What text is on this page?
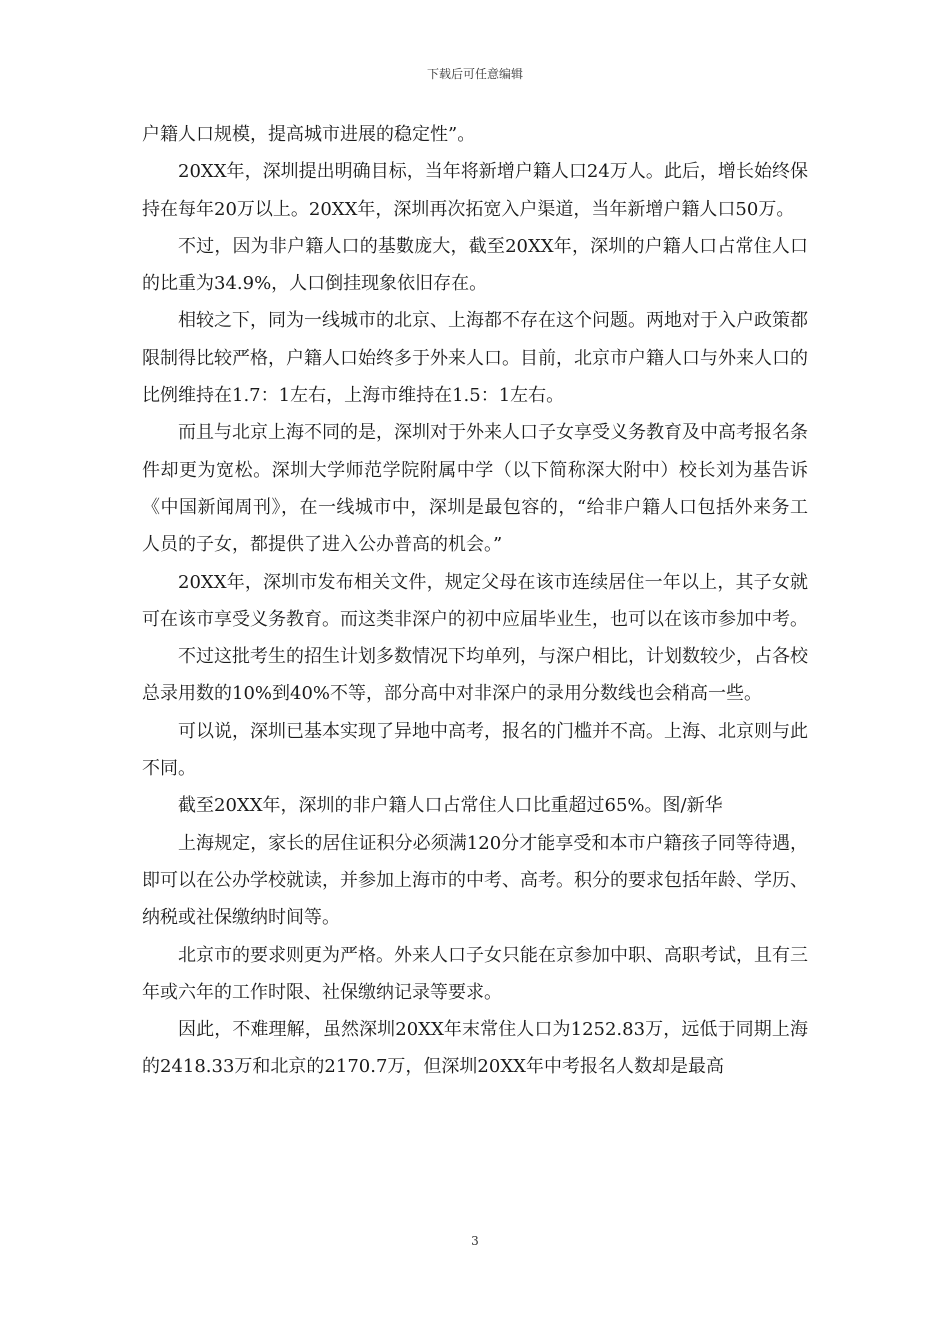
下载后可任意编辑

户籍人口规模，提高城市进展的稳定性”。

20XX年，深圳提出明确目标，当年将新增户籍人口24万人。此后，增长始终保持在每年20万以上。20XX年，深圳再次拓宽入户渠道，当年新增户籍人口50万。

不过，因为非户籍人口的基數庞大，截至20XX年，深圳的户籍人口占常住人口的比重为34.9%，人口倒挂现象依旧存在。

相较之下，同为一线城市的北京、上海都不存在这个问题。两地对于入户政策都限制得比较严格，户籍人口始终多于外来人口。目前，北京市户籍人口与外来人口的比例维持在1.7：1左右，上海市维持在1.5：1左右。

而且与北京上海不同的是，深圳对于外来人口子女享受义务教育及中高考报名条件却更为宽松。深圳大学师范学院附属中学（以下简称深大附中）校长刘为基告诉《中国新闻周刊》，在一线城市中，深圳是最包容的，“给非户籍人口包括外来务工人员的子女，都提供了进入公办普高的机会。”

20XX年，深圳市发布相关文件，规定父母在该市连续居住一年以上，其子女就可在该市享受义务教育。而这类非深户的初中应届毕业生，也可以在该市参加中考。

不过这批考生的招生计划多数情况下均单列，与深户相比，计划数较少，占各校总录用数的10%到40%不等，部分高中对非深户的录用分数线也会稍高一些。

可以说，深圳已基本实现了异地中高考，报名的门槛并不高。上海、北京则与此不同。

截至20XX年，深圳的非户籍人口占常住人口比重超过65%。图/新华

上海规定，家长的居住证积分必须满120分才能享受和本市户籍孩子同等待遇，即可以在公办学校就读，并参加上海市的中考、高考。积分的要求包括年龄、学历、纳税或社保缴纳时间等。

北京市的要求则更为严格。外来人口子女只能在京参加中职、高职考试，且有三年或六年的工作时限、社保缴纳记录等要求。

因此，不难理解，虽然深圳20XX年末常住人口为1252.83万，远低于同期上海的2418.33万和北京的2170.7万，但深圳20XX年中考报名人数却是最高

3
